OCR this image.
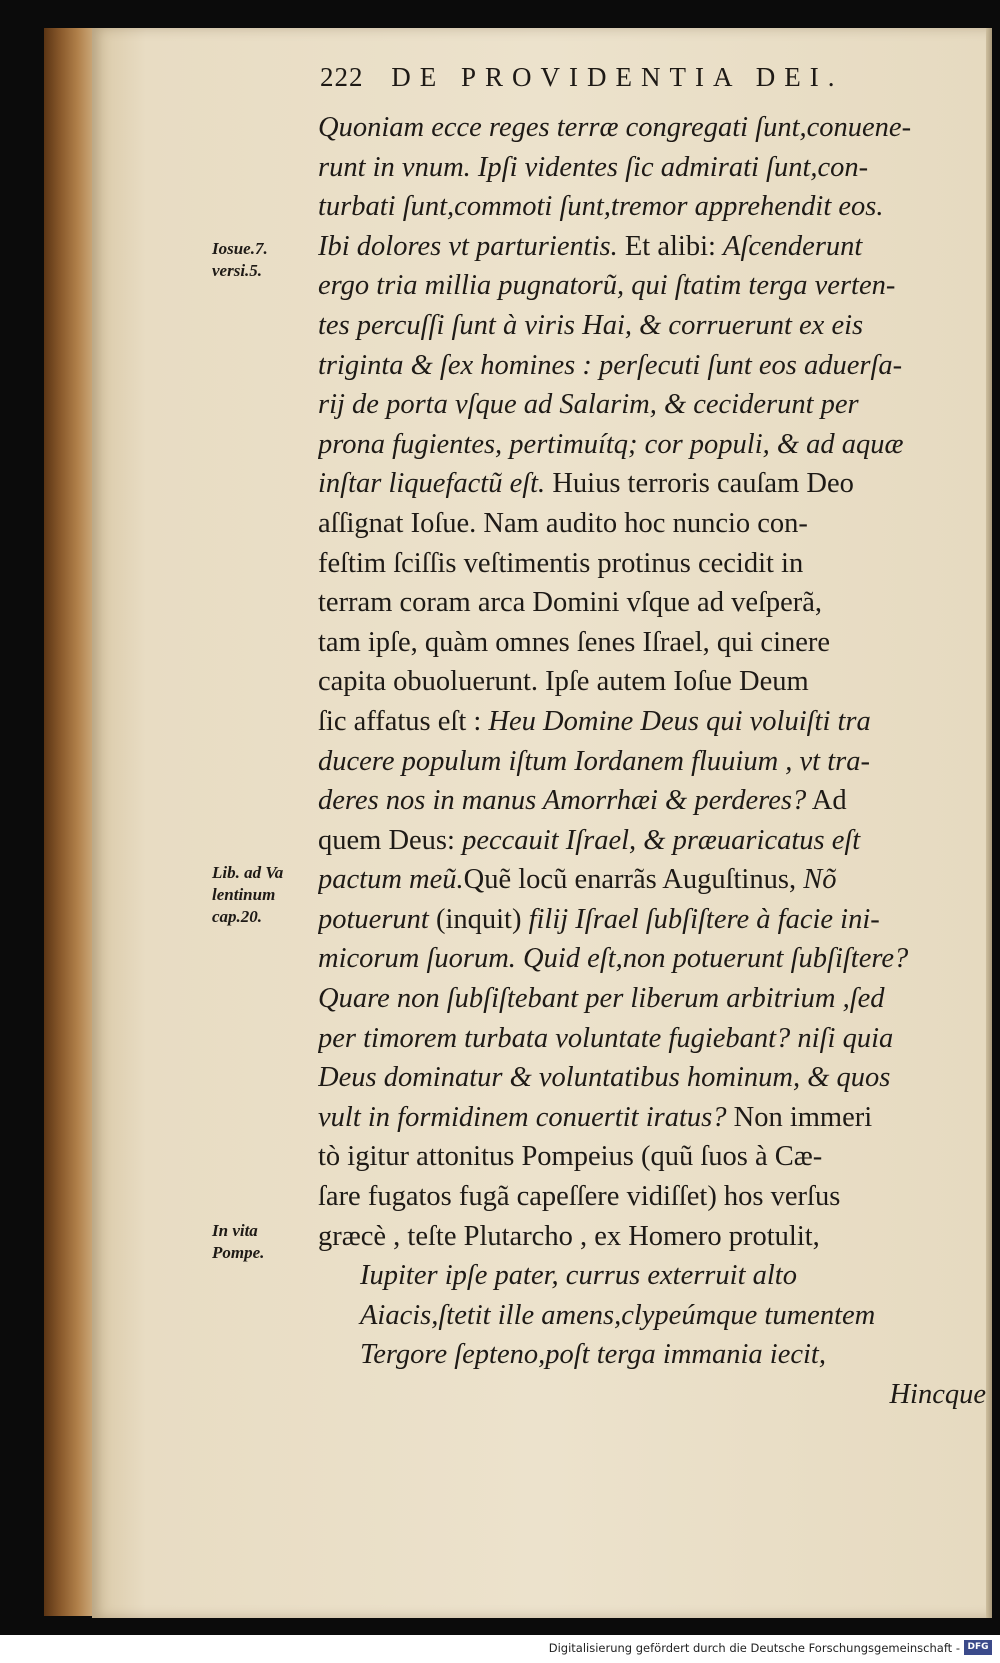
222 DE PROVIDENTIA DEI.
Iosue.7.
versi.5.
Lib. ad Va
lentinum
cap.20.
In vita
Pompe.
Quoniam ecce reges terræ congregati ſunt,conuene-
runt in vnum. Ipſi videntes ſic admirati ſunt,con-
turbati ſunt,commoti ſunt,tremor apprehendit eos.
Ibi dolores vt parturientis. Et alibi: Aſcenderunt
ergo tria millia pugnatorũ, qui ſtatim terga verten-
tes percuſſi ſunt à viris Hai, & corruerunt ex eis
triginta & ſex homines : perſecuti ſunt eos aduerſa-
rij de porta vſque ad Salarim, & ceciderunt per
prona fugientes, pertimuítq; cor populi, & ad aquæ
inſtar liquefactũ eſt. Huius terroris cauſam Deo
aſſignat Ioſue. Nam audito hoc nuncio con-
feſtim ſciſſis veſtimentis protinus cecidit in
terram coram arca Domini vſque ad veſperã,
tam ipſe, quàm omnes ſenes Iſrael, qui cinere
capita obuoluerunt. Ipſe autem Ioſue Deum
ſic affatus eſt : Heu Domine Deus qui voluiſti tra
ducere populum iſtum Iordanem fluuium , vt tra-
deres nos in manus Amorrhæi & perderes? Ad
quem Deus: peccauit Iſrael, & præuaricatus eſt
pactum meũ.Quẽ locũ enarrãs Auguſtinus, Nõ
potuerunt (inquit) filij Iſrael ſubſiſtere à facie ini-
micorum ſuorum. Quid eſt,non potuerunt ſubſiſtere?
Quare non ſubſiſtebant per liberum arbitrium ,ſed
per timorem turbata voluntate fugiebant? niſi quia
Deus dominatur & voluntatibus hominum, & quos
vult in formidinem conuertit iratus? Non immeri
tò igitur attonitus Pompeius (quũ ſuos à Cæ-
ſare fugatos fugã capeſſere vidiſſet) hos verſus
græcè , teſte Plutarcho , ex Homero protulit,
Iupiter ipſe pater, currus exterruit alto
Aiacis,ſtetit ille amens,clypeúmque tumentem
Tergore ſepteno,poſt terga immania iecit,
Hincque
Digitalisierung gefördert durch die Deutsche Forschungsgemeinschaft - DFG
